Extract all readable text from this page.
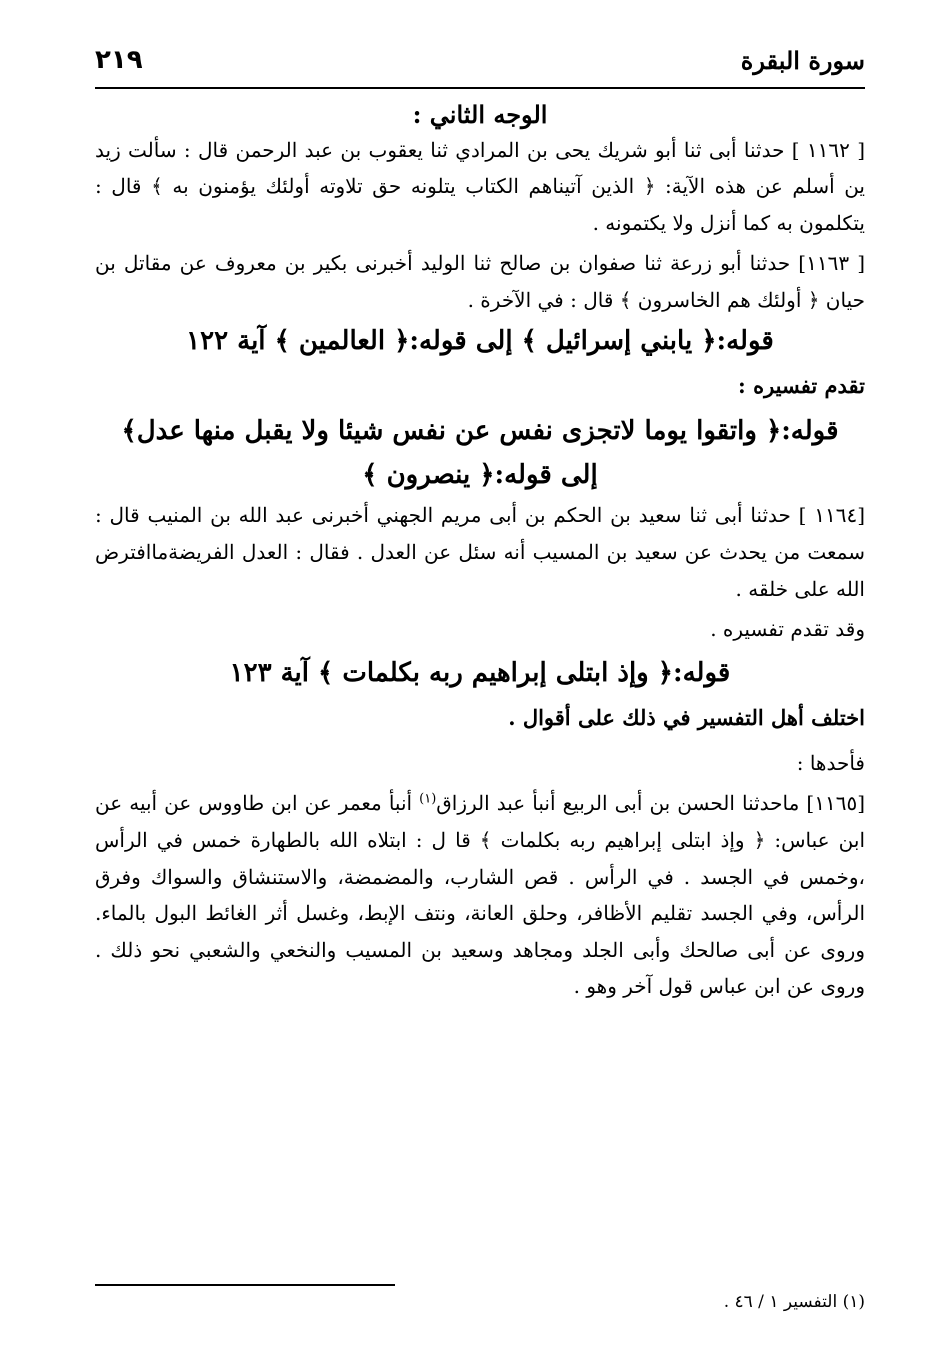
سورة البقرة
٢١٩

الوجه الثاني :

[ ١١٦٢ ] حدثنا أبى ثنا أبو شريك يحى بن المرادي ثنا يعقوب بن عبد الرحمن قال : سألت زيد ين أسلم عن هذه الآية: ﴿ الذين آتيناهم الكتاب يتلونه حق تلاوته أولئك يؤمنون به ﴾ قال : يتكلمون به كما أنزل ولا يكتمونه .

[ ١١٦٣] حدثنا أبو زرعة ثنا صفوان بن صالح ثنا الوليد أخبرنى بكير بن معروف عن مقاتل بن حيان ﴿ أولئك هم الخاسرون ﴾ قال : في الآخرة .

قوله:﴿ يابني إسرائيل ﴾ إلى قوله:﴿ العالمين ﴾ آية ١٢٢

تقدم تفسيره :

قوله:﴿ واتقوا يوما لاتجزى نفس عن نفس شيئا ولا يقبل منها عدل﴾

إلى قوله:﴿ ينصرون ﴾

[١١٦٤ ] حدثنا أبى ثنا سعيد بن الحكم بن أبى مريم الجهني أخبرنى عبد الله بن المنيب قال : سمعت من يحدث عن سعيد بن المسيب أنه سئل عن العدل . فقال : العدل الفريضةماافترض الله على خلقه .

وقد تقدم تفسيره .

قوله:﴿ وإذ ابتلى إبراهيم ربه بكلمات ﴾ آية ١٢٣

اختلف أهل التفسير في ذلك على أقوال .

فأحدها :

[١١٦٥] ماحدثنا الحسن بن أبى الربيع أنبأ عبد الرزاق$^{(١)}$ أنبأ معمر عن ابن طاووس عن أبيه عن ابن عباس: ﴿ وإذ ابتلى إبراهيم ربه بكلمات ﴾ قا ل : ابتلاه الله بالطهارة خمس في الرأس ،وخمس في الجسد . في الرأس . قص الشارب، والمضمضة، والاستنشاق والسواك وفرق الرأس، وفي الجسد تقليم الأظافر، وحلق العانة، ونتف الإبط، وغسل أثر الغائط البول بالماء. وروى عن أبى صالحك وأبى الجلد ومجاهد وسعيد بن المسيب والنخعي والشعبي نحو ذلك . وروى عن ابن عباس قول آخر وهو .

(١) التفسير ١ / ٤٦ .
